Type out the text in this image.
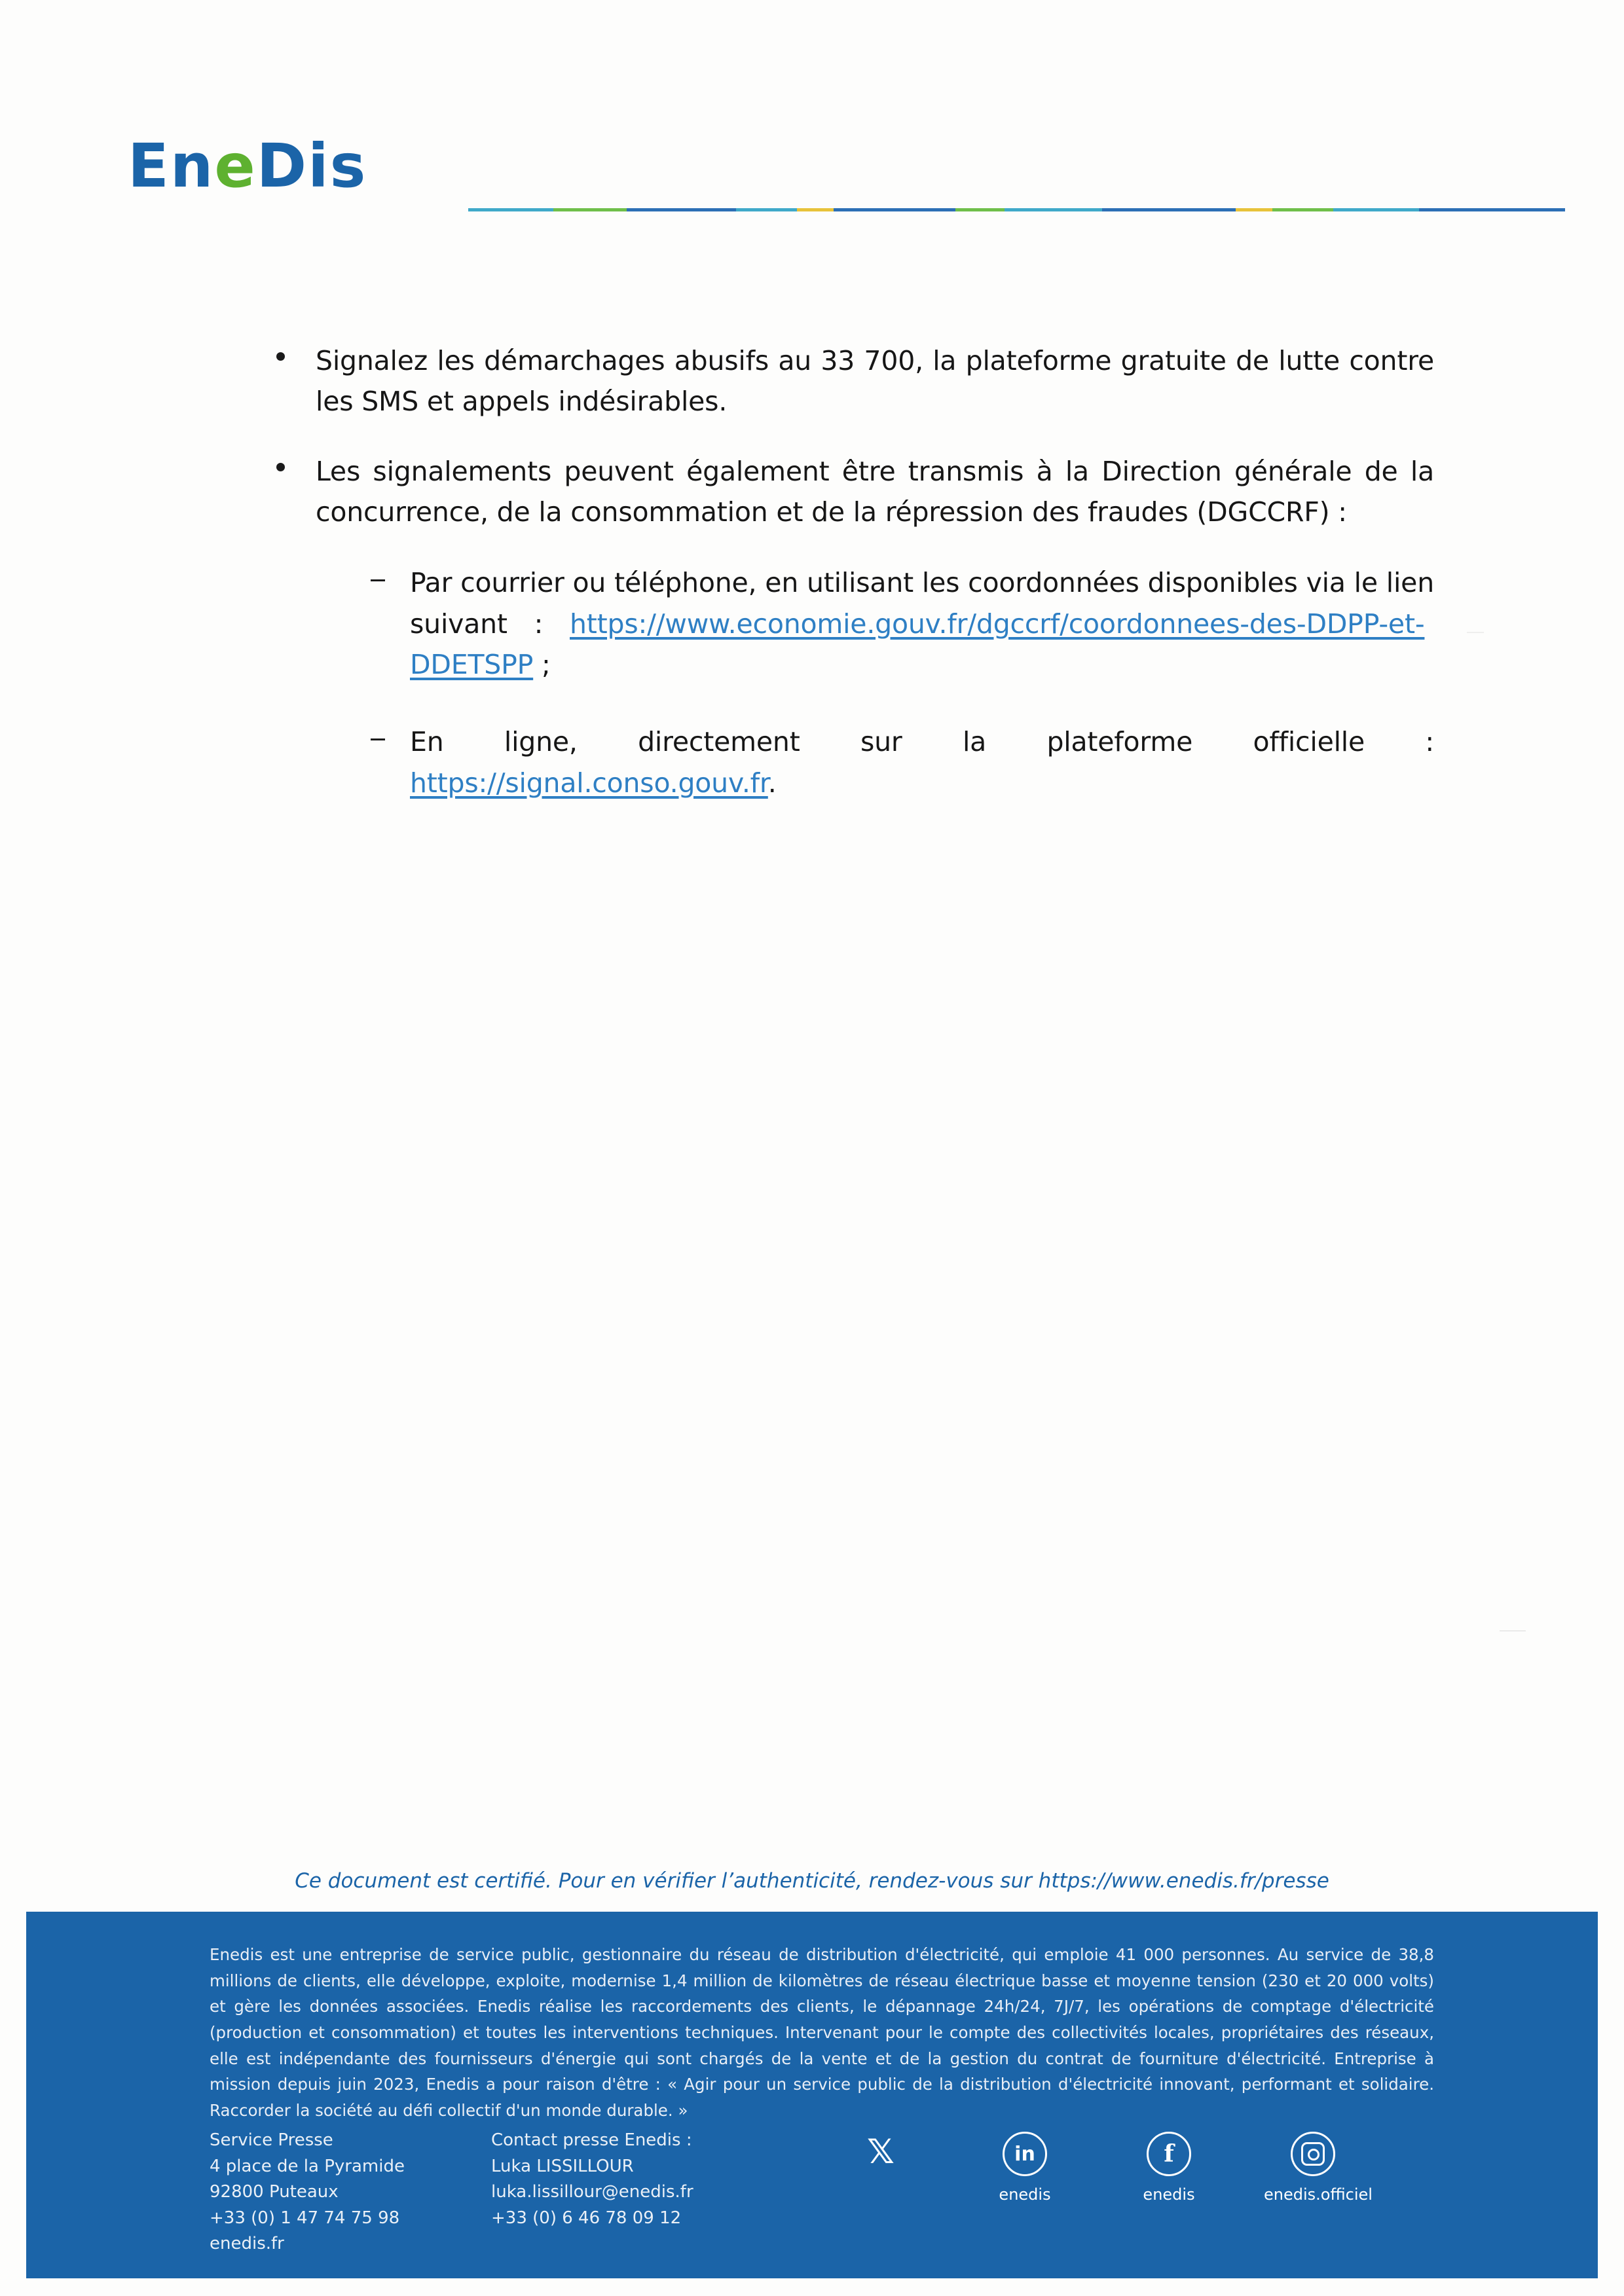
EneDis
Signalez les démarchages abusifs au 33 700, la plateforme gratuite de lutte contre les SMS et appels indésirables.
Les signalements peuvent également être transmis à la Direction générale de la concurrence, de la consommation et de la répression des fraudes (DGCCRF) :
Par courrier ou téléphone, en utilisant les coordonnées disponibles via le lien suivant : https://www.economie.gouv.fr/dgccrf/coordonnees-des-DDPP-et-DDETSPP ;
En ligne, directement sur la plateforme officielle : https://signal.conso.gouv.fr.
Ce document est certifié. Pour en vérifier l’authenticité, rendez-vous sur https://www.enedis.fr/presse
Enedis est une entreprise de service public, gestionnaire du réseau de distribution d'électricité, qui emploie 41 000 personnes. Au service de 38,8 millions de clients, elle développe, exploite, modernise 1,4 million de kilomètres de réseau électrique basse et moyenne tension (230 et 20 000 volts) et gère les données associées. Enedis réalise les raccordements des clients, le dépannage 24h/24, 7J/7, les opérations de comptage d'électricité (production et consommation) et toutes les interventions techniques. Intervenant pour le compte des collectivités locales, propriétaires des réseaux, elle est indépendante des fournisseurs d'énergie qui sont chargés de la vente et de la gestion du contrat de fourniture d'électricité. Entreprise à mission depuis juin 2023, Enedis a pour raison d'être : « Agir pour un service public de la distribution d'électricité innovant, performant et solidaire. Raccorder la société au défi collectif d'un monde durable. »
Service Presse
4 place de la Pyramide
92800 Puteaux
+33 (0) 1 47 74 75 98
enedis.fr
Contact presse Enedis :
Luka LISSILLOUR
luka.lissillour@enedis.fr
+33 (0) 6 46 78 09 12
𝕏	in
enedis
f
enedis	enedis.officiel
